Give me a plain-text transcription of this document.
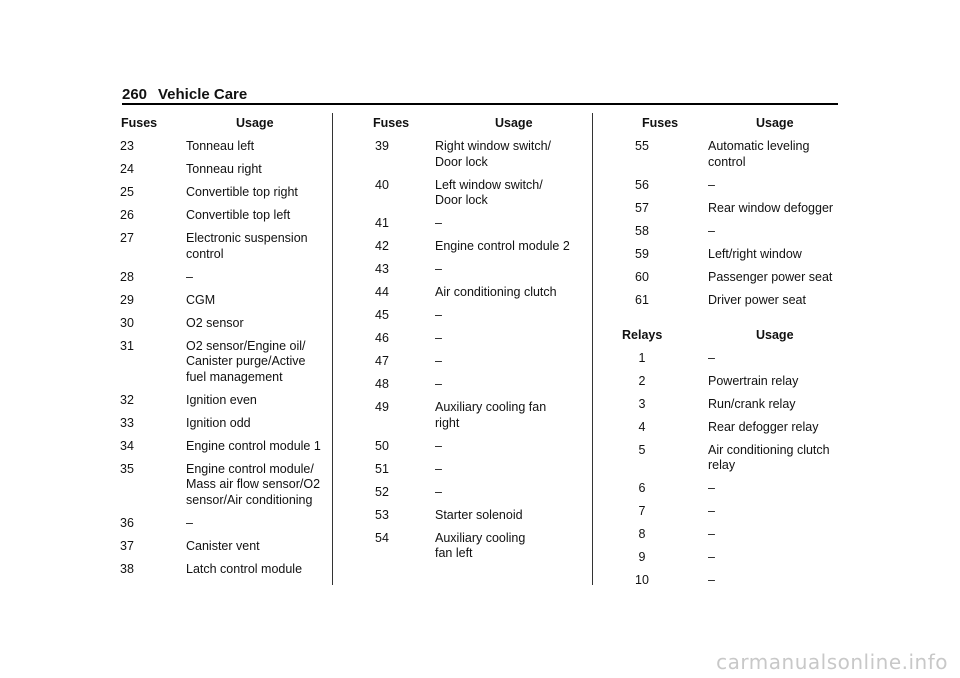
260 Vehicle Care
Fuses	Usage
23	Tonneau left
24	Tonneau right
25	Convertible top right
26	Convertible top left
27	Electronic suspension
control
28	–
29	CGM
30	O2 sensor
31	O2 sensor/Engine oil/
Canister purge/Active
fuel management
32	Ignition even
33	Ignition odd
34	Engine control module 1
35	Engine control module/
Mass air flow sensor/O2
sensor/Air conditioning
36	–
37	Canister vent
38	Latch control module
Fuses	Usage
39	Right window switch/
Door lock
40	Left window switch/
Door lock
41	–
42	Engine control module 2
43	–
44	Air conditioning clutch
45	–
46	–
47	–
48	–
49	Auxiliary cooling fan
right
50	–
51	–
52	–
53	Starter solenoid
54	Auxiliary cooling
fan left
Fuses	Usage
55	Automatic leveling
control
56	–
57	Rear window defogger
58	–
59	Left/right window
60	Passenger power seat
61	Driver power seat
Relays	Usage
1	–
2	Powertrain relay
3	Run/crank relay
4	Rear defogger relay
5	Air conditioning clutch
relay
6	–
7	–
8	–
9	–
10	–
carmanualsonline.info
